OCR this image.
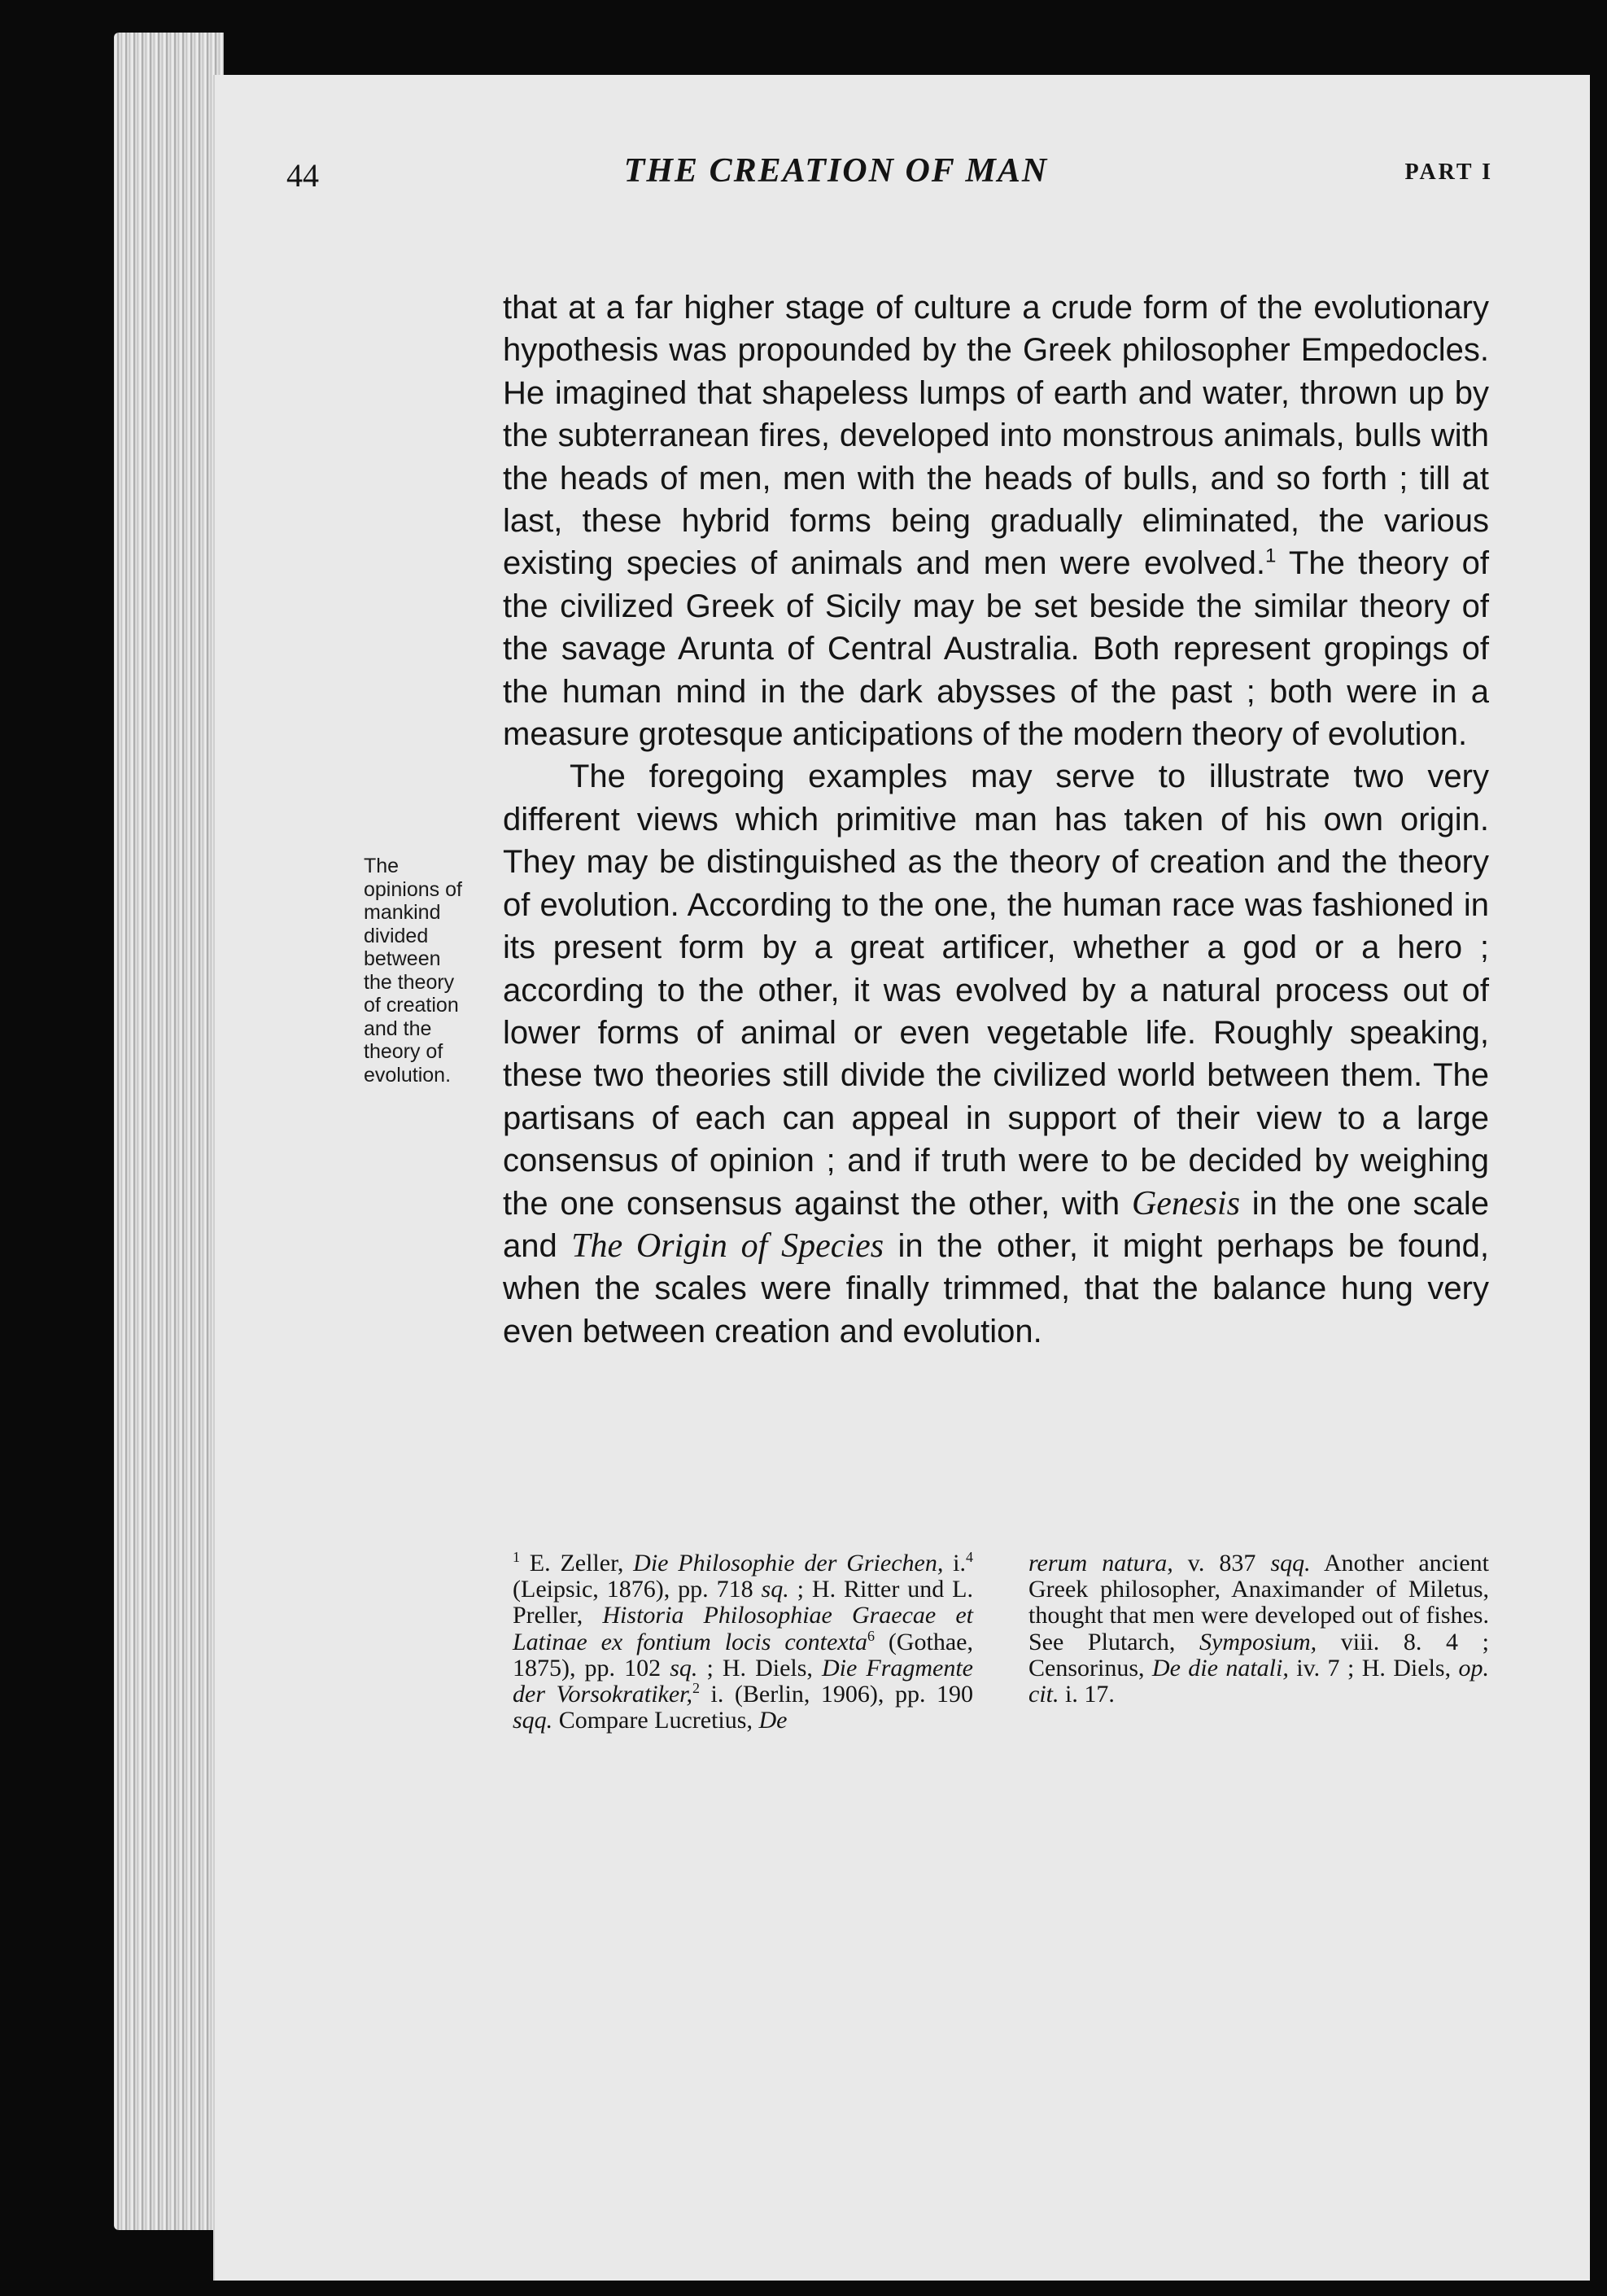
44	THE CREATION OF MAN	PART I
The
opinions of
mankind
divided
between
the theory
of creation
and the
theory of
evolution.

that at a far higher stage of culture a crude form of the evolutionary hypothesis was propounded by the Greek philosopher Empedocles. He imagined that shapeless lumps of earth and water, thrown up by the subterranean fires, developed into monstrous animals, bulls with the heads of men, men with the heads of bulls, and so forth ; till at last, these hybrid forms being gradually eliminated, the various existing species of animals and men were evolved.$^1$ The theory of the civilized Greek of Sicily may be set beside the similar theory of the savage Arunta of Central Australia. Both represent gropings of the human mind in the dark abysses of the past ; both were in a measure grotesque anticipations of the modern theory of evolution.

The foregoing examples may serve to illustrate two very different views which primitive man has taken of his own origin. They may be distinguished as the theory of creation and the theory of evolution. According to the one, the human race was fashioned in its present form by a great artificer, whether a god or a hero ; according to the other, it was evolved by a natural process out of lower forms of animal or even vegetable life. Roughly speaking, these two theories still divide the civilized world between them. The partisans of each can appeal in support of their view to a large consensus of opinion ; and if truth were to be decided by weighing the one consensus against the other, with Genesis in the one scale and The Origin of Species in the other, it might perhaps be found, when the scales were finally trimmed, that the balance hung very even between creation and evolution.

$^1$ E. Zeller, Die Philosophie der Griechen, i.$^4$ (Leipsic, 1876), pp. 718 sq. ; H. Ritter und L. Preller, Historia Philosophiae Graecae et Latinae ex fontium locis contexta$^6$ (Gothae, 1875), pp. 102 sq. ; H. Diels, Die Fragmente der Vorsokratiker,$^2$ i. (Berlin, 1906), pp. 190 sqq. Compare Lucretius, De
rerum natura, v. 837 sqq. Another ancient Greek philosopher, Anaximander of Miletus, thought that men were developed out of fishes. See Plutarch, Symposium, viii. 8. 4 ; Censorinus, De die natali, iv. 7 ; H. Diels, op. cit. i. 17.
